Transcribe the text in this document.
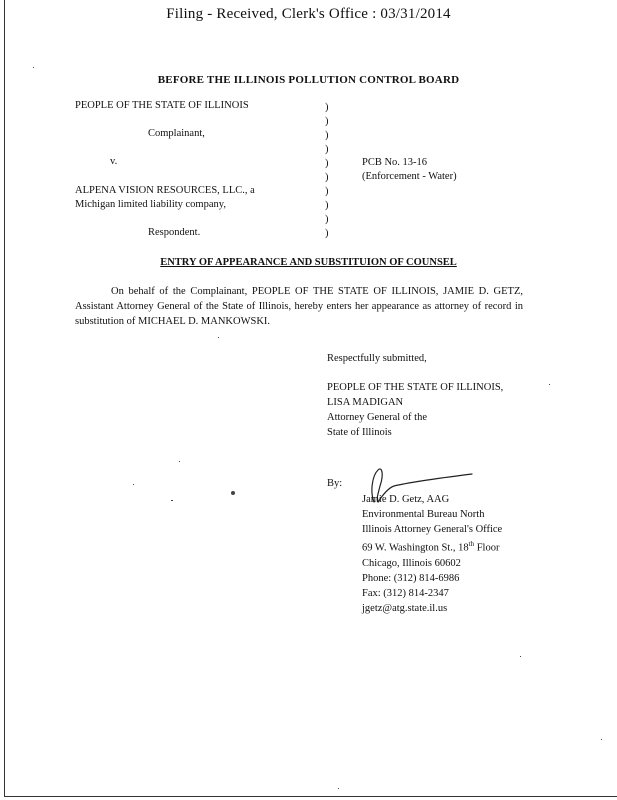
Filing - Received, Clerk's Office : 03/31/2014
BEFORE THE ILLINOIS POLLUTION CONTROL BOARD
PEOPLE OF THE STATE OF ILLINOIS
Complainant,
v.
ALPENA VISION RESOURCES, LLC., a
Michigan limited liability company,
Respondent.
)
)
)
)
)
)
)
)
)
)
PCB No. 13-16
(Enforcement - Water)
ENTRY OF APPEARANCE AND SUBSTITUION OF COUNSEL
On behalf of the Complainant, PEOPLE OF THE STATE OF ILLINOIS, JAMIE D. GETZ, Assistant Attorney General of the State of Illinois, hereby enters her appearance as attorney of record in substitution of MICHAEL D. MANKOWSKI.
Respectfully submitted,
PEOPLE OF THE STATE OF ILLINOIS,
LISA MADIGAN
Attorney General of the
State of Illinois
By:
Jamie D. Getz, AAG
Environmental Bureau North
Illinois Attorney General's Office
69 W. Washington St., 18th Floor
Chicago, Illinois 60602
Phone: (312) 814-6986
Fax: (312) 814-2347
jgetz@atg.state.il.us
